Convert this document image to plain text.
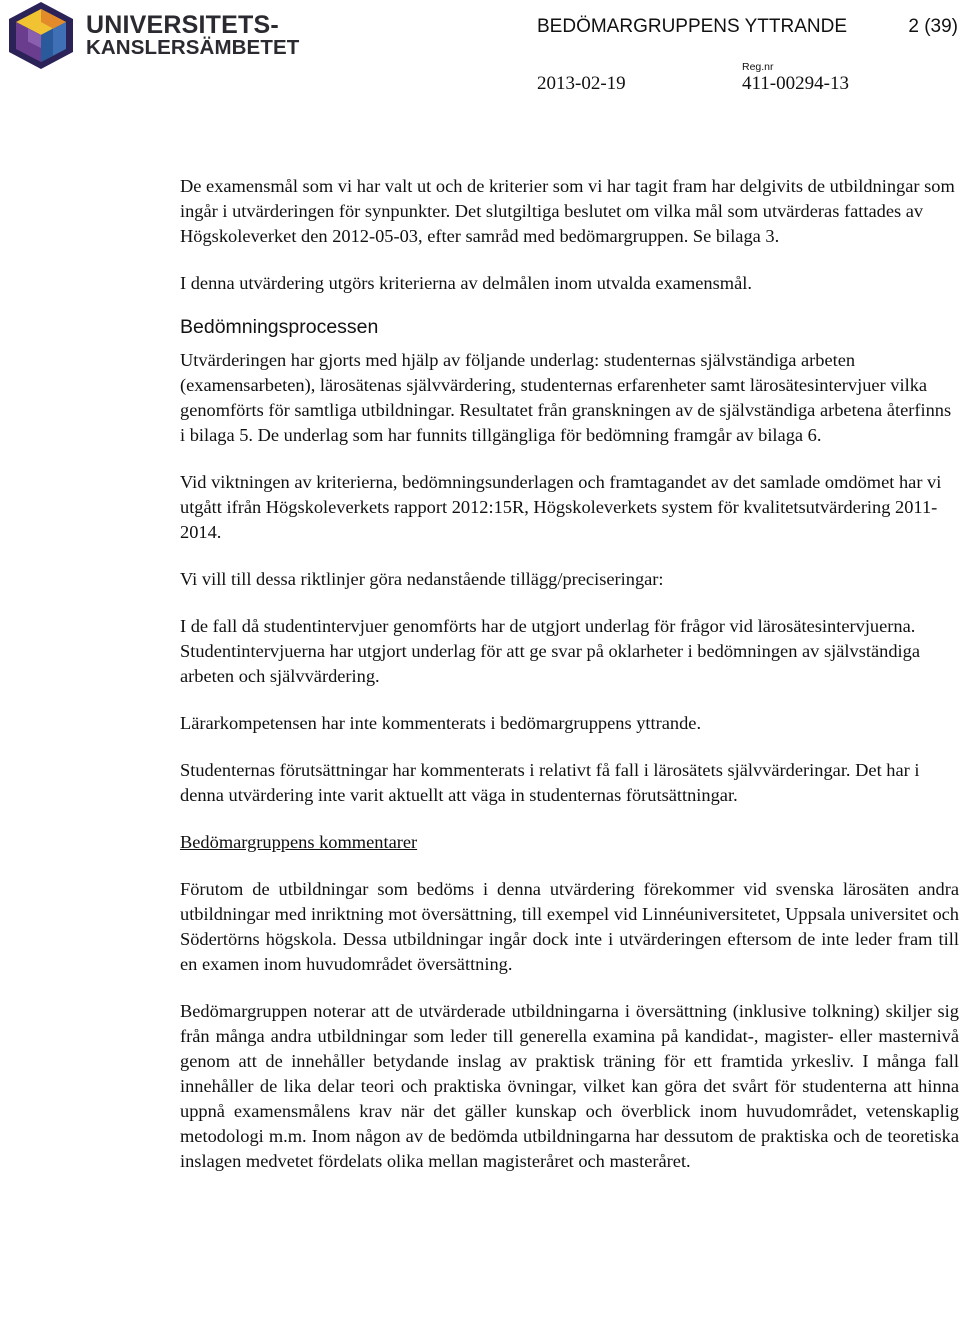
UNIVERSITETS-
KANSLERSÄMBETET
BEDÖMARGRUPPENS YTTRANDE	2 (39)
Reg.nr
2013-02-19	411-00294-13

De examensmål som vi har valt ut och de kriterier som vi har tagit fram har delgivits de utbildningar som ingår i utvärderingen för synpunkter. Det slutgiltiga beslutet om vilka mål som utvärderas fattades av Högskoleverket den 2012-05-03, efter samråd med bedömargruppen. Se bilaga 3.

I denna utvärdering utgörs kriterierna av delmålen inom utvalda examensmål.

Bedömningsprocessen

Utvärderingen har gjorts med hjälp av följande underlag: studenternas självständiga arbeten (examensarbeten), lärosätenas självvärdering, studenternas erfarenheter samt lärosätesintervjuer vilka genomförts för samtliga utbildningar. Resultatet från granskningen av de självständiga arbetena återfinns i bilaga 5. De underlag som har funnits tillgängliga för bedömning framgår av bilaga 6.

Vid viktningen av kriterierna, bedömningsunderlagen och framtagandet av det samlade omdömet har vi utgått ifrån Högskoleverkets rapport 2012:15R, Högskoleverkets system för kvalitetsutvärdering 2011-2014.

Vi vill till dessa riktlinjer göra nedanstående tillägg/preciseringar:

I de fall då studentintervjuer genomförts har de utgjort underlag för frågor vid lärosätesintervjuerna. Studentintervjuerna har utgjort underlag för att ge svar på oklarheter i bedömningen av självständiga arbeten och självvärdering.

Lärarkompetensen har inte kommenterats i bedömargruppens yttrande.

Studenternas förutsättningar har kommenterats i relativt få fall i lärosätets självvärderingar. Det har i denna utvärdering inte varit aktuellt att väga in studenternas förutsättningar.

Bedömargruppens kommentarer

Förutom de utbildningar som bedöms i denna utvärdering förekommer vid svenska lärosäten andra utbildningar med inriktning mot översättning, till exempel vid Linnéuniversitetet, Uppsala universitet och Södertörns högskola. Dessa utbildningar ingår dock inte i utvärderingen eftersom de inte leder fram till en examen inom huvudområdet översättning.

Bedömargruppen noterar att de utvärderade utbildningarna i översättning (inklusive tolkning) skiljer sig från många andra utbildningar som leder till generella examina på kandidat-, magister- eller masternivå genom att de innehåller betydande inslag av praktisk träning för ett framtida yrkesliv. I många fall innehåller de lika delar teori och praktiska övningar, vilket kan göra det svårt för studenterna att hinna uppnå examensmålens krav när det gäller kunskap och överblick inom huvudområdet, vetenskaplig metodologi m.m. Inom någon av de bedömda utbildningarna har dessutom de praktiska och de teoretiska inslagen medvetet fördelats olika mellan magisteråret och masteråret.
